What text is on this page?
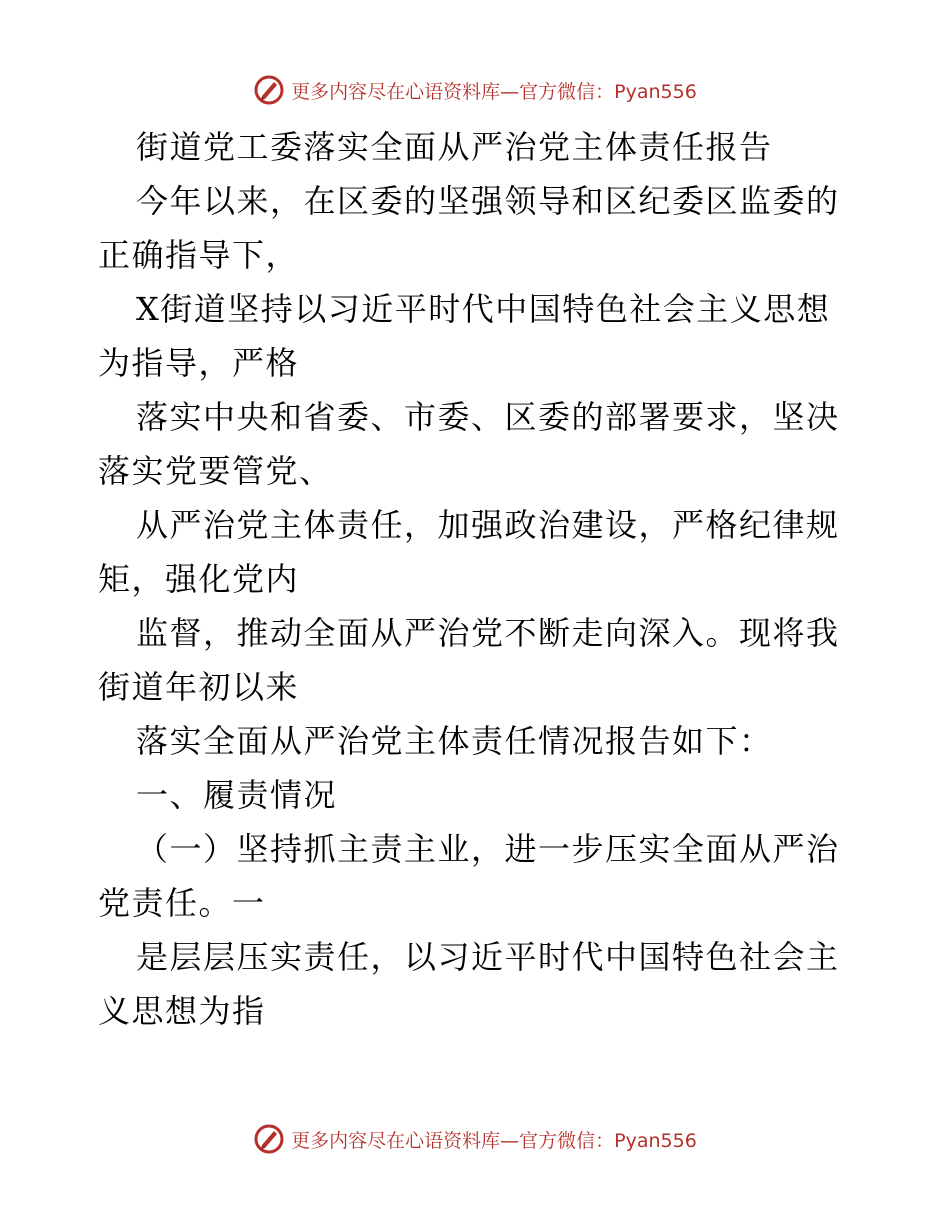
更多内容尽在心语资料库—官方微信：Pyan556

街道党工委落实全面从严治党主体责任报告

今年以来，在区委的坚强领导和区纪委区监委的
正确指导下，

X街道坚持以习近平时代中国特色社会主义思想
为指导，严格

落实中央和省委、市委、区委的部署要求，坚决
落实党要管党、

从严治党主体责任，加强政治建设，严格纪律规
矩，强化党内

监督，推动全面从严治党不断走向深入。现将我
街道年初以来

落实全面从严治党主体责任情况报告如下：

一、履责情况

（一）坚持抓主责主业，进一步压实全面从严治
党责任。一

是层层压实责任，以习近平时代中国特色社会主
义思想为指

更多内容尽在心语资料库—官方微信：Pyan556
